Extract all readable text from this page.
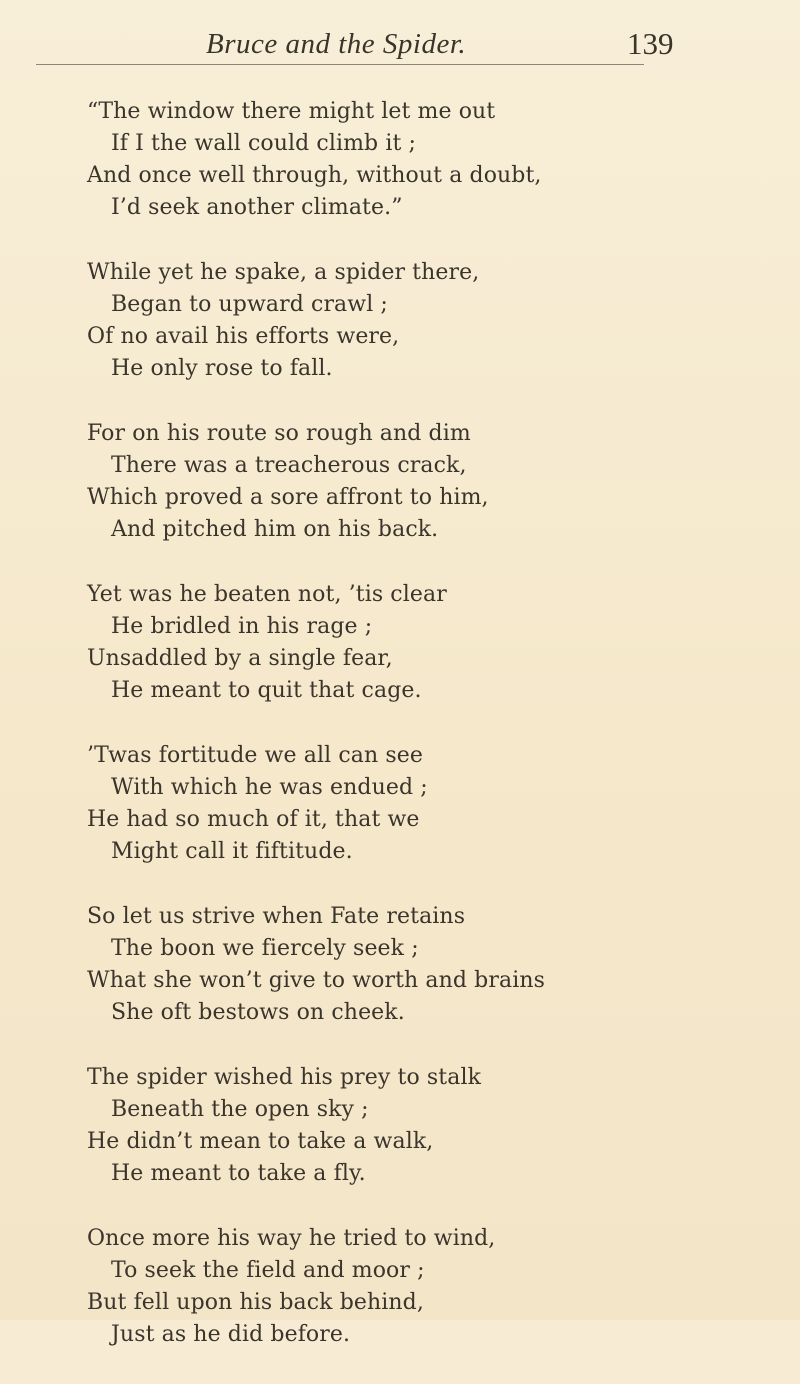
Bruce and the Spider.	139
“The window there might let me out
If I the wall could climb it ;
And once well through, without a doubt,
I’d seek another climate.”
While yet he spake, a spider there,
Began to upward crawl ;
Of no avail his efforts were,
He only rose to fall.
For on his route so rough and dim
There was a treacherous crack,
Which proved a sore affront to him,
And pitched him on his back.
Yet was he beaten not, ’tis clear
He bridled in his rage ;
Unsaddled by a single fear,
He meant to quit that cage.
’Twas fortitude we all can see
With which he was endued ;
He had so much of it, that we
Might call it fiftitude.
So let us strive when Fate retains
The boon we fiercely seek ;
What she won’t give to worth and brains
She oft bestows on cheek.
The spider wished his prey to stalk
Beneath the open sky ;
He didn’t mean to take a walk,
He meant to take a fly.
Once more his way he tried to wind,
To seek the field and moor ;
But fell upon his back behind,
Just as he did before.
